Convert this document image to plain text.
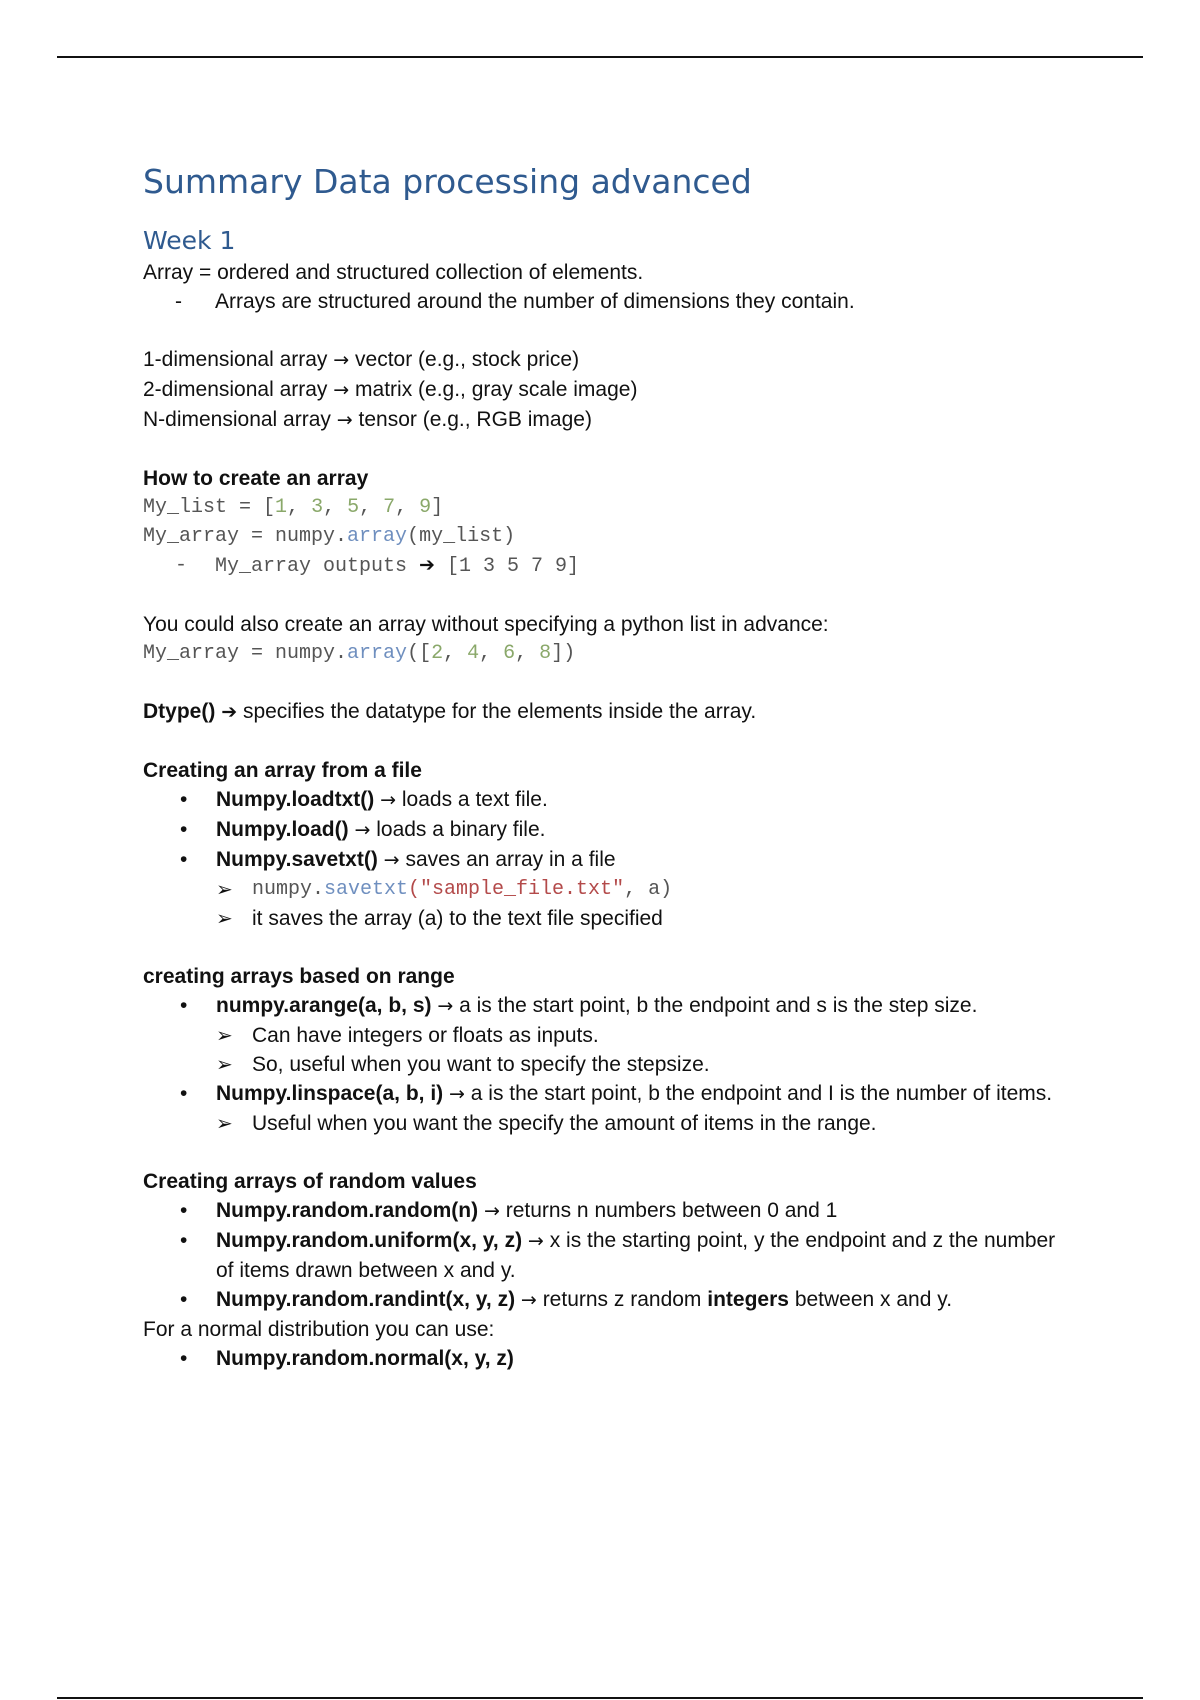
Summary Data processing advanced
Week 1

Array = ordered and structured collection of elements.

- Arrays are structured around the number of dimensions they contain.

1-dimensional array → vector (e.g., stock price)

2-dimensional array → matrix (e.g., gray scale image)

N-dimensional array → tensor (e.g., RGB image)

How to create an array

My_list = [1, 3, 5, 7, 9]

My_array = numpy.array(my_list)

- My_array outputs ➔ [1 3 5 7 9]

You could also create an array without specifying a python list in advance:

My_array = numpy.array([2, 4, 6, 8])

Dtype() ➔ specifies the datatype for the elements inside the array.

Creating an array from a file

• Numpy.loadtxt() → loads a text file.
• Numpy.load() → loads a binary file.
• Numpy.savetxt() → saves an array in a file
➢ numpy.savetxt("sample_file.txt", a)
➢ it saves the array (a) to the text file specified

creating arrays based on range

• numpy.arange(a, b, s) → a is the start point, b the endpoint and s is the step size.
➢ Can have integers or floats as inputs.
➢ So, useful when you want to specify the stepsize.
• Numpy.linspace(a, b, i) → a is the start point, b the endpoint and I is the number of items.
➢ Useful when you want the specify the amount of items in the range.

Creating arrays of random values

• Numpy.random.random(n) → returns n numbers between 0 and 1
• Numpy.random.uniform(x, y, z) → x is the starting point, y the endpoint and z the number of items drawn between x and y.
• Numpy.random.randint(x, y, z) → returns z random integers between x and y.

For a normal distribution you can use:

• Numpy.random.normal(x, y, z)
